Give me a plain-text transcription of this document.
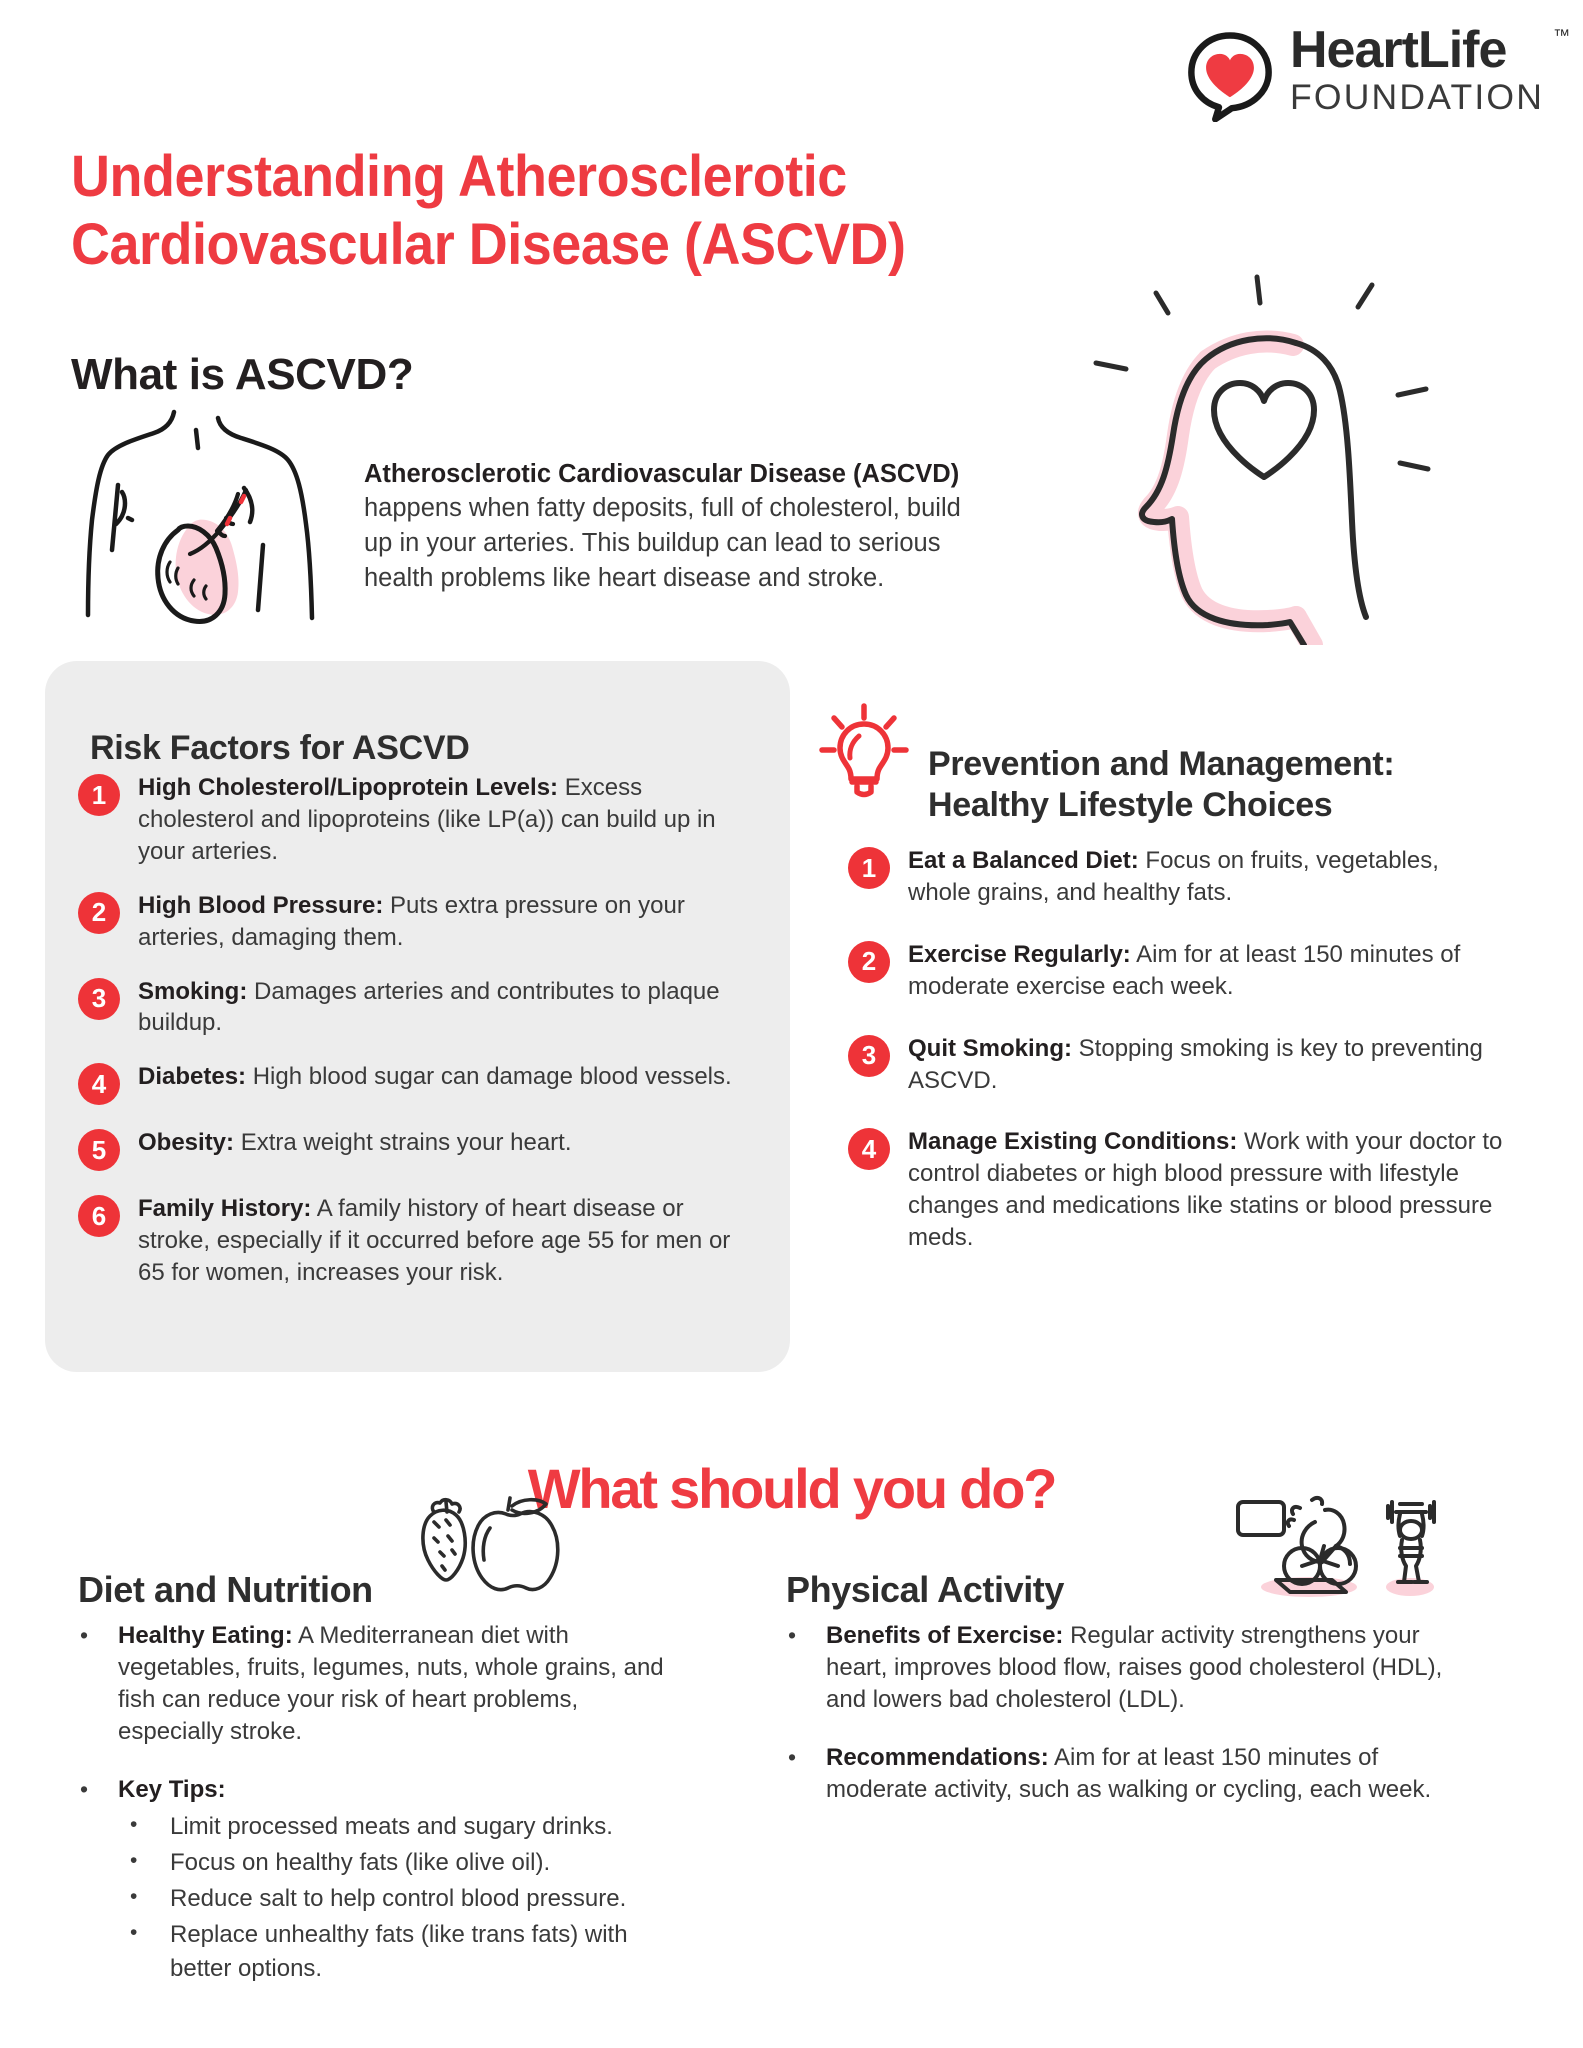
HeartLife	™
FOUNDATION
Understanding Atherosclerotic Cardiovascular Disease (ASCVD)
What is ASCVD?

Atherosclerotic Cardiovascular Disease (ASCVD) happens when fatty deposits, full of cholesterol, build up in your arteries. This buildup can lead to serious health problems like heart disease and stroke.

Risk Factors for ASCVD
1	High Cholesterol/Lipoprotein Levels: Excess cholesterol and lipoproteins (like LP(a)) can build up in your arteries.
2	High Blood Pressure: Puts extra pressure on your arteries, damaging them.
3	Smoking: Damages arteries and contributes to plaque buildup.
4	Diabetes: High blood sugar can damage blood vessels.
5	Obesity: Extra weight strains your heart.
6	Family History: A family history of heart disease or stroke, especially if it occurred before age 55 for men or 65 for women, increases your risk.
Prevention and Management:
Healthy Lifestyle Choices
1	Eat a Balanced Diet: Focus on fruits, vegetables, whole grains, and healthy fats.
2	Exercise Regularly: Aim for at least 150 minutes of moderate exercise each week.
3	Quit Smoking: Stopping smoking is key to preventing ASCVD.
4	Manage Existing Conditions: Work with your doctor to control diabetes or high blood pressure with lifestyle changes and medications like statins or blood pressure meds.
What should you do?
Diet and Nutrition
•	Healthy Eating: A Mediterranean diet with vegetables, fruits, legumes, nuts, whole grains, and fish can reduce your risk of heart problems, especially stroke.
•	Key Tips:
•	Limit processed meats and sugary drinks.
•	Focus on healthy fats (like olive oil).
•	Reduce salt to help control blood pressure.
•	Replace unhealthy fats (like trans fats) with better options.
Physical Activity
•	Benefits of Exercise: Regular activity strengthens your heart, improves blood flow, raises good cholesterol (HDL), and lowers bad cholesterol (LDL).
•	Recommendations: Aim for at least 150 minutes of moderate activity, such as walking or cycling, each week.
